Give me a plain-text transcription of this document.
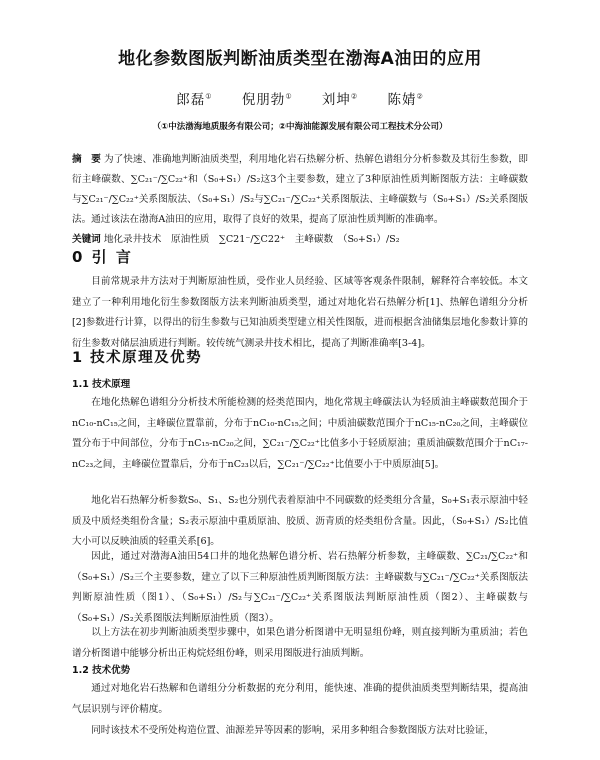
地化参数图版判断油质类型在渤海A油田的应用
郎磊① 倪朋勃① 刘坤② 陈婧②
（①中法渤海地质服务有限公司；②中海油能源发展有限公司工程技术分公司）
摘　要 为了快速、准确地判断油质类型，利用地化岩石热解分析、热解色谱组分分析参数及其衍生参数，即衍主峰碳数、∑C₂₁⁻/∑C₂₂⁺和（S₀+S₁）/S₂这3个主要参数，建立了3种原油性质判断图版方法：主峰碳数与∑C₂₁⁻/∑C₂₂⁺关系图版法、（S₀+S₁）/S₂与∑C₂₁⁻/∑C₂₂⁺关系图版法、主峰碳数与（S₀+S₁）/S₂关系图版法。通过该法在渤海A油田的应用，取得了良好的效果，提高了原油性质判断的准确率。
关键词 地化录井技术　原油性质　∑C21⁻/∑C22⁺　主峰碳数　（S₀+S₁）/S₂
0 引 言
目前常规录井方法对于判断原油性质，受作业人员经验、区域等客观条件限制，解释符合率较低。本文建立了一种利用地化衍生参数图版方法来判断油质类型，通过对地化岩石热解分析[1]、热解色谱组分分析[2]参数进行计算，以得出的衍生参数与已知油质类型建立相关性图版，进而根据含油储集层地化参数计算的衍生参数对储层油质进行判断。较传统气测录井技术相比，提高了判断准确率[3-4]。
1 技术原理及优势
1.1 技术原理
在地化热解色谱组分分析技术所能检测的烃类范围内，地化常规主峰碳法认为轻质油主峰碳数范围介于nC₁₀-nC₁₅之间，主峰碳位置靠前，分布于nC₁₀-nC₁₅之间；中质油碳数范围介于nC₁₅-nC₂₀之间，主峰碳位置分布于中间部位，分布于nC₁₅-nC₂₀之间，∑C₂₁⁻/∑C₂₂⁺比值多小于轻质原油；重质油碳数范围介于nC₁₇-nC₂₃之间，主峰碳位置靠后，分布于nC₂₃以后，∑C₂₁⁻/∑C₂₂⁺比值要小于中质原油[5]。
地化岩石热解分析参数S₀、S₁、S₂也分别代表着原油中不同碳数的烃类组分含量，S₀+S₁表示原油中轻质及中质烃类组份含量；S₂表示原油中重质原油、胶质、沥青质的烃类组份含量。因此，（S₀+S₁）/S₂比值大小可以反映油质的轻重关系[6]。
因此，通过对渤海A油田54口井的地化热解色谱分析、岩石热解分析参数，主峰碳数、∑C₂₁/∑C₂₂⁺和（S₀+S₁）/S₂三个主要参数，建立了以下三种原油性质判断图版方法：主峰碳数与∑C₂₁⁻/∑C₂₂⁺关系图版法判断原油性质（图1）、（S₀+S₁）/S₂与∑C₂₁⁻/∑C₂₂⁺关系图版法判断原油性质（图2）、主峰碳数与（S₀+S₁）/S₂关系图版法判断原油性质（图3）。
以上方法在初步判断油质类型步骤中，如果色谱分析图谱中无明显组份峰，则直接判断为重质油；若色谱分析图谱中能够分析出正构烷烃组份峰，则采用图版进行油质判断。
1.2 技术优势
通过对地化岩石热解和色谱组分分析数据的充分利用，能快速、准确的提供油质类型判断结果，提高油气层识别与评价精度。
同时该技术不受所处构造位置、油源差异等因素的影响，采用多种组合参数图版方法对比验证，
